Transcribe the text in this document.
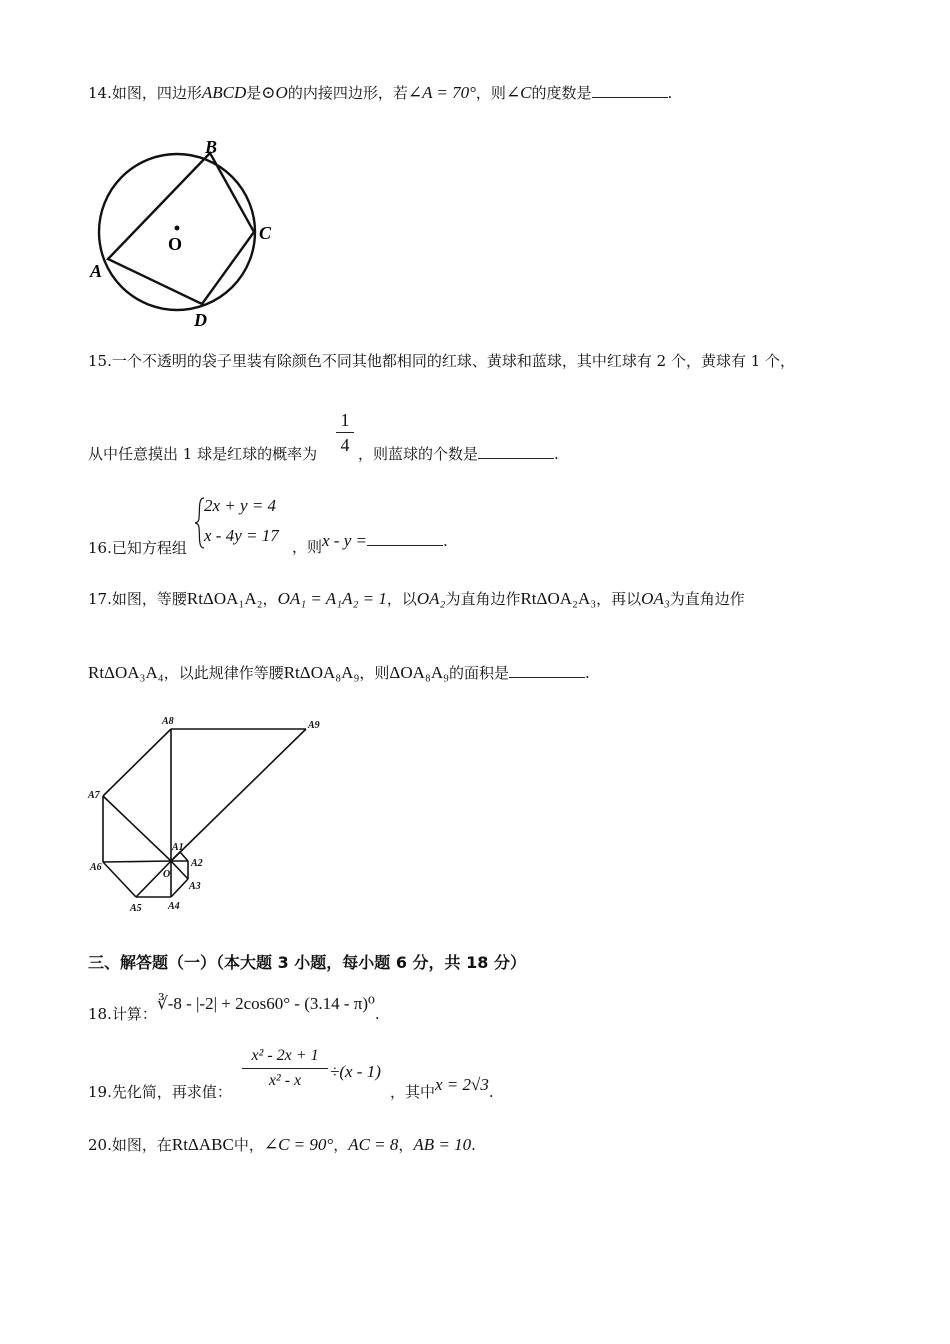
14.如图，四边形ABCD是⊙O的内接四边形，若∠A = 70°，则∠C的度数是	.
O
B
C
A
D
15.一个不透明的袋子里装有除颜色不同其他都相同的红球、黄球和蓝球，其中红球有 2 个，黄球有 1 个，
从中任意摸出 1 球是红球的概率为
1
4 ，则蓝球的个数是	.
2x + y = 4
x - 4y = 17
16.已知方程组	，则x - y =	.
17.如图，等腰RtΔOA₁A₂，OA₁ = A₁A₂ = 1，以OA₂为直角边作RtΔOA₂A₃，再以OA₃为直角边作
RtΔOA₃A₄，以此规律作等腰RtΔOA₈A₉，则ΔOA₈A₉的面积是	.
A8	A9
A7
A6
A1
A2
A3
A4
A5
O
三、解答题（一）（本大题 3 小题，每小题 6 分，共 18 分）
18.计算：∛-8 - |-2| + 2cos60° - (3.14 - π)⁰.
19.先化简，再求值：
x² - 2x + 1
x² - x	÷(x - 1)
，其中x = 2√3.
20.如图，在RtΔABC中，∠C = 90°，AC = 8，AB = 10.
